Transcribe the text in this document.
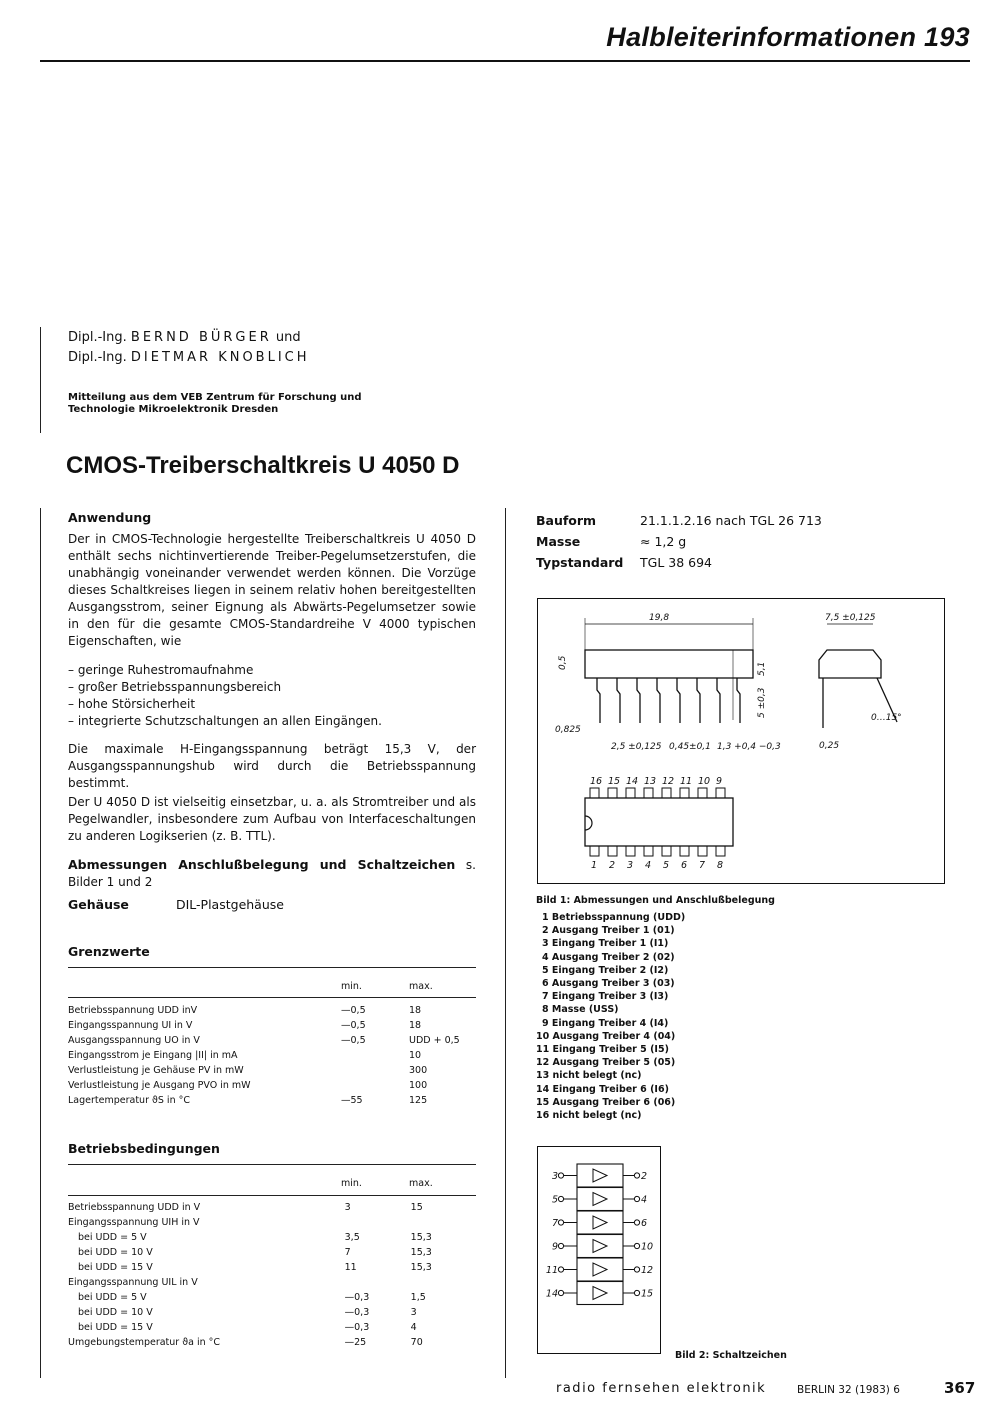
Halbleiterinformationen 193
Dipl.-Ing. BERND BÜRGER und
Dipl.-Ing. DIETMAR KNOBLICH
Mitteilung aus dem VEB Zentrum für Forschung und
Technologie Mikroelektronik Dresden
CMOS-Treiberschaltkreis U 4050 D
Anwendung
Der in CMOS-Technologie hergestellte Treiberschaltkreis U 4050 D enthält sechs nichtinvertierende Treiber-Pegelumsetzerstufen, die unabhängig voneinander verwendet werden können. Die Vorzüge dieses Schaltkreises liegen in seinem relativ hohen bereitgestellten Ausgangsstrom, seiner Eignung als Abwärts-Pegelumsetzer sowie in den für die gesamte CMOS-Standardreihe V 4000 typischen Eigenschaften, wie
– geringe Ruhestromaufnahme
– großer Betriebsspannungsbereich
– hohe Störsicherheit
– integrierte Schutzschaltungen an allen Eingängen.
Die maximale H-Eingangsspannung beträgt 15,3 V, der Ausgangsspannungshub wird durch die Betriebsspannung bestimmt.
Der U 4050 D ist vielseitig einsetzbar, u. a. als Stromtreiber und als Pegelwandler, insbesondere zum Aufbau von Interfaceschaltungen zu anderen Logikserien (z. B. TTL).
Abmessungen Anschlußbelegung und Schaltzeichen s. Bilder 1 und 2
Gehäuse	DIL-Plastgehäuse
Grenzwerte
min.	max.
Betriebsspannung UDD inV	—0,5	18
Eingangsspannung UI in V	—0,5	18
Ausgangsspannung UO in V	—0,5	UDD + 0,5
Eingangsstrom je Eingang |II| in mA		10
Verlustleistung je Gehäuse PV in mW		300
Verlustleistung je Ausgang PVO in mW		100
Lagertemperatur ϑS in °C	—55	125
Betriebsbedingungen
min.	max.
Betriebsspannung UDD in V	3	15
Eingangsspannung UIH in V		
bei UDD = 5 V	3,5	15,3
bei UDD = 10 V	7	15,3
bei UDD = 15 V	11	15,3
Eingangsspannung UIL in V		
bei UDD = 5 V	—0,3	1,5
bei UDD = 10 V	—0,3	3
bei UDD = 15 V	—0,3	4
Umgebungstemperatur ϑa in °C	—25	70
Bauform	21.1.1.2.16 nach TGL 26 713
Masse	≈ 1,2 g
Typstandard TGL 38 694
19,8
5,1
5 ±0,3
0,5
0,825
2,5 ±0,125 0,45±0,1 1,3 +0,4 −0,3
7,5 ±0,125
0,25
0…15°
16
1
15
2
14
3
13
4
12
5
11
6
10
7
9
8
Bild 1: Abmessungen und Anschlußbelegung
1 Betriebsspannung (UDD)
2 Ausgang Treiber 1 (01)
3 Eingang Treiber 1 (I1)
4 Ausgang Treiber 2 (02)
5 Eingang Treiber 2 (I2)
6 Ausgang Treiber 3 (03)
7 Eingang Treiber 3 (I3)
8 Masse (USS)
9 Eingang Treiber 4 (I4)
10 Ausgang Treiber 4 (04)
11 Eingang Treiber 5 (I5)
12 Ausgang Treiber 5 (05)
13 nicht belegt (nc)
14 Eingang Treiber 6 (I6)
15 Ausgang Treiber 6 (06)
16 nicht belegt (nc)
3	2
5	4
7	6
9	10
11	12
14	15
Bild 2: Schaltzeichen
radio fernsehen elektronik	BERLIN 32 (1983) 6	367
